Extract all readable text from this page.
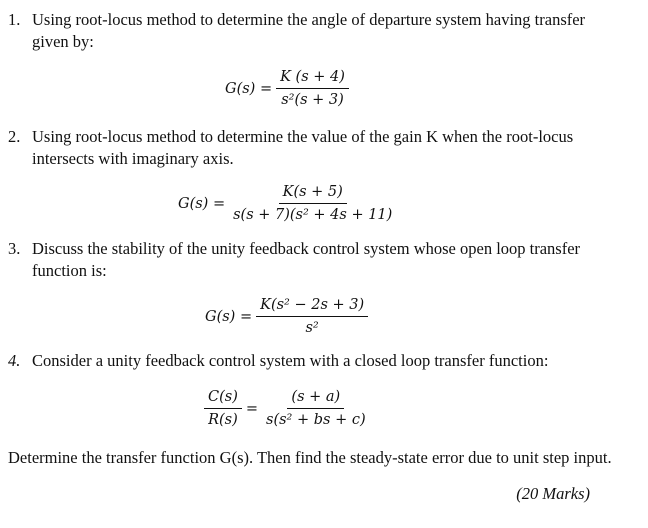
1. Using root-locus method to determine the angle of departure system having transfer given by:

$G(s) = \frac{K (s + 4)}{\text{s²(s + 3)}}$

2. Using root-locus method to determine the value of the gain K when the root-locus intersects with imaginary axis.

$G(s) = \frac{K(s + 5)}{\text{s(s + 7)(s² + 4s + 11)}}$

3. Discuss the stability of the unity feedback control system whose open loop transfer function is:

$G(s) = \frac{\text{K(s² − 2s + 3)}}{\text{s²}}$

4. Consider a unity feedback control system with a closed loop transfer function:

$\frac{C(s)}{R(s)} = \frac{(s + a)}{\text{s(s² + bs + c)}}$

Determine the transfer function G(s). Then find the steady-state error due to unit step input.

(20 Marks)
